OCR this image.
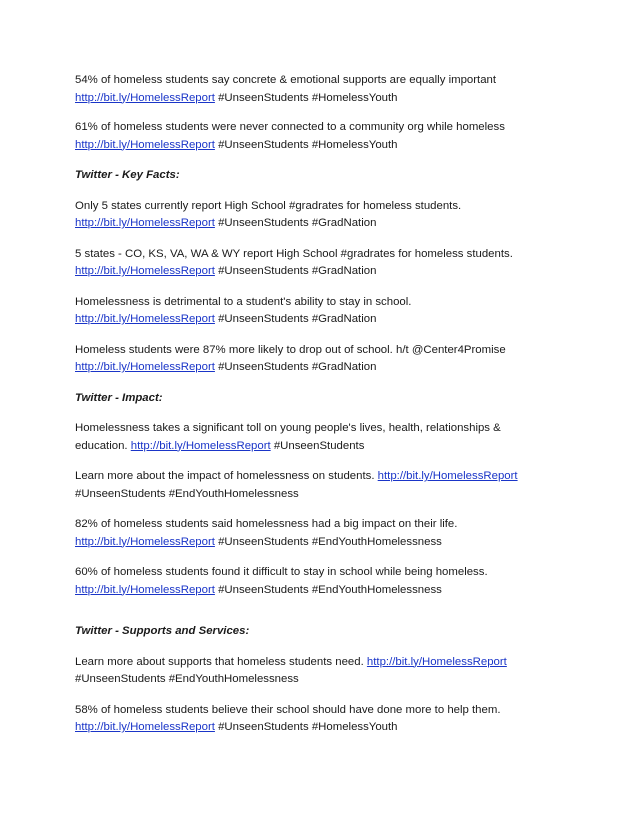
54% of homeless students say concrete & emotional supports are equally important
http://bit.ly/HomelessReport #UnseenStudents #HomelessYouth
61% of homeless students were never connected to a community org while homeless
http://bit.ly/HomelessReport #UnseenStudents #HomelessYouth
Twitter - Key Facts:
Only 5 states currently report High School #gradrates for homeless students.
http://bit.ly/HomelessReport #UnseenStudents #GradNation
5 states - CO, KS, VA, WA & WY report High School #gradrates for homeless students.
http://bit.ly/HomelessReport #UnseenStudents #GradNation
Homelessness is detrimental to a student's ability to stay in school.
http://bit.ly/HomelessReport #UnseenStudents #GradNation
Homeless students were 87% more likely to drop out of school. h/t @Center4Promise
http://bit.ly/HomelessReport #UnseenStudents #GradNation
Twitter - Impact:
Homelessness takes a significant toll on young people's lives, health, relationships &
education. http://bit.ly/HomelessReport #UnseenStudents
Learn more about the impact of homelessness on students. http://bit.ly/HomelessReport
#UnseenStudents #EndYouthHomelessness
82% of homeless students said homelessness had a big impact on their life.
http://bit.ly/HomelessReport #UnseenStudents #EndYouthHomelessness
60% of homeless students found it difficult to stay in school while being homeless.
http://bit.ly/HomelessReport #UnseenStudents #EndYouthHomelessness
Twitter - Supports and Services:
Learn more about supports that homeless students need. http://bit.ly/HomelessReport
#UnseenStudents #EndYouthHomelessness
58% of homeless students believe their school should have done more to help them.
http://bit.ly/HomelessReport #UnseenStudents #HomelessYouth
